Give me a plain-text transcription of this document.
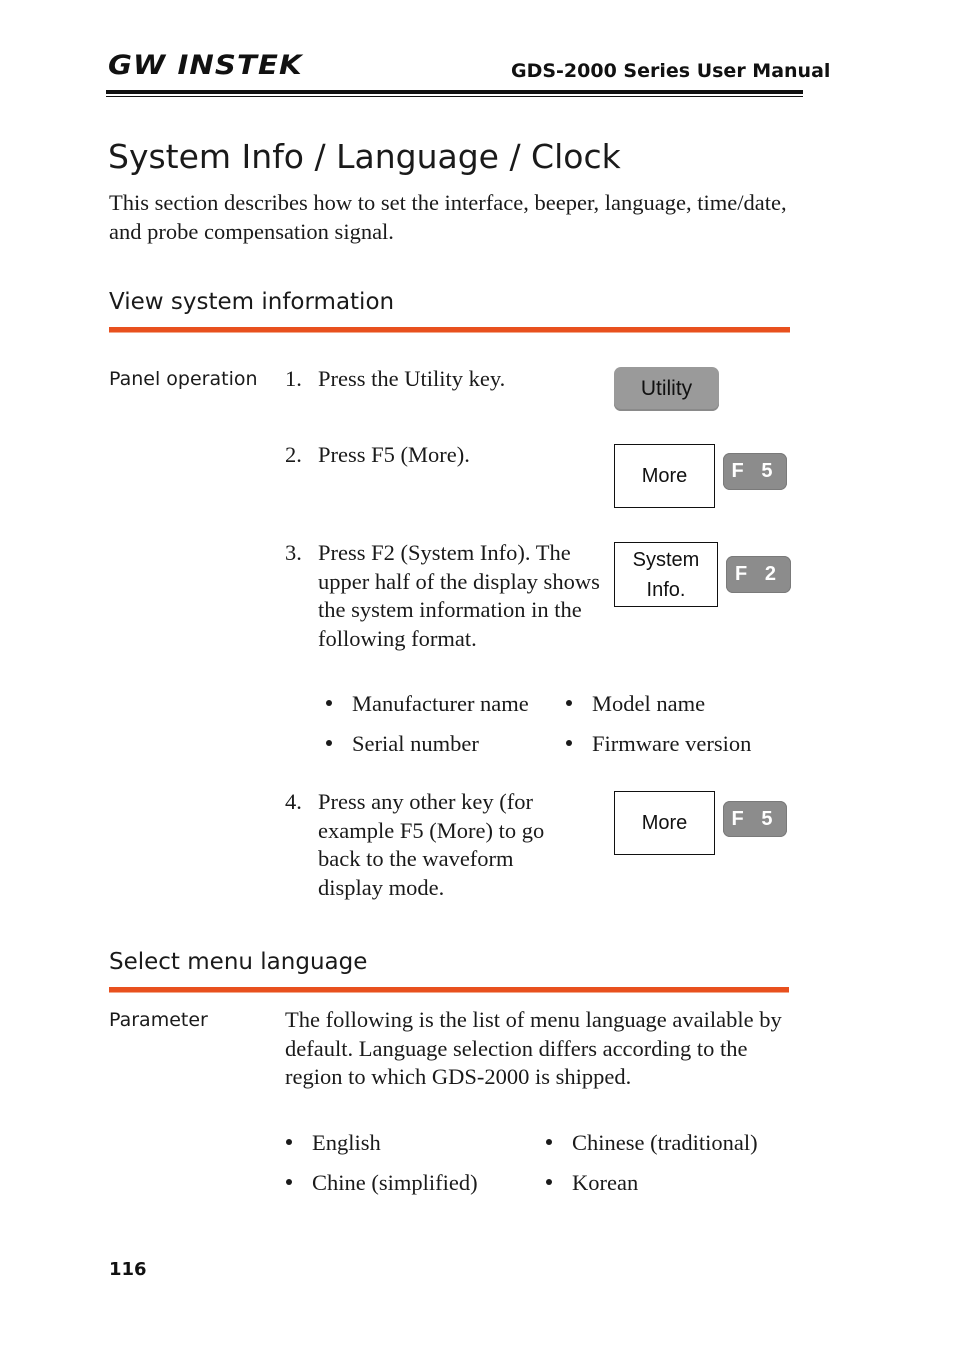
GW INSTEK	GDS-2000 Series User Manual
System Info / Language / Clock
This section describes how to set the interface, beeper, language, time/date, and probe compensation signal.
View system information
Panel operation 1. Press the Utility key.	Utility
2. Press F5 (More).
More	F 5
3. Press F2 (System Info). The upper half of the display shows the system information in the following format.
System
Info.
F 2
Manufacturer name	Model name
Serial number	Firmware version
4. Press any other key (for example F5 (More) to go back to the waveform display mode.
More	F 5
Select menu language
Parameter	The following is the list of menu language available by default. Language selection differs according to the region to which GDS-2000 is shipped.
English	Chinese (traditional)
Chine (simplified)	Korean
116
